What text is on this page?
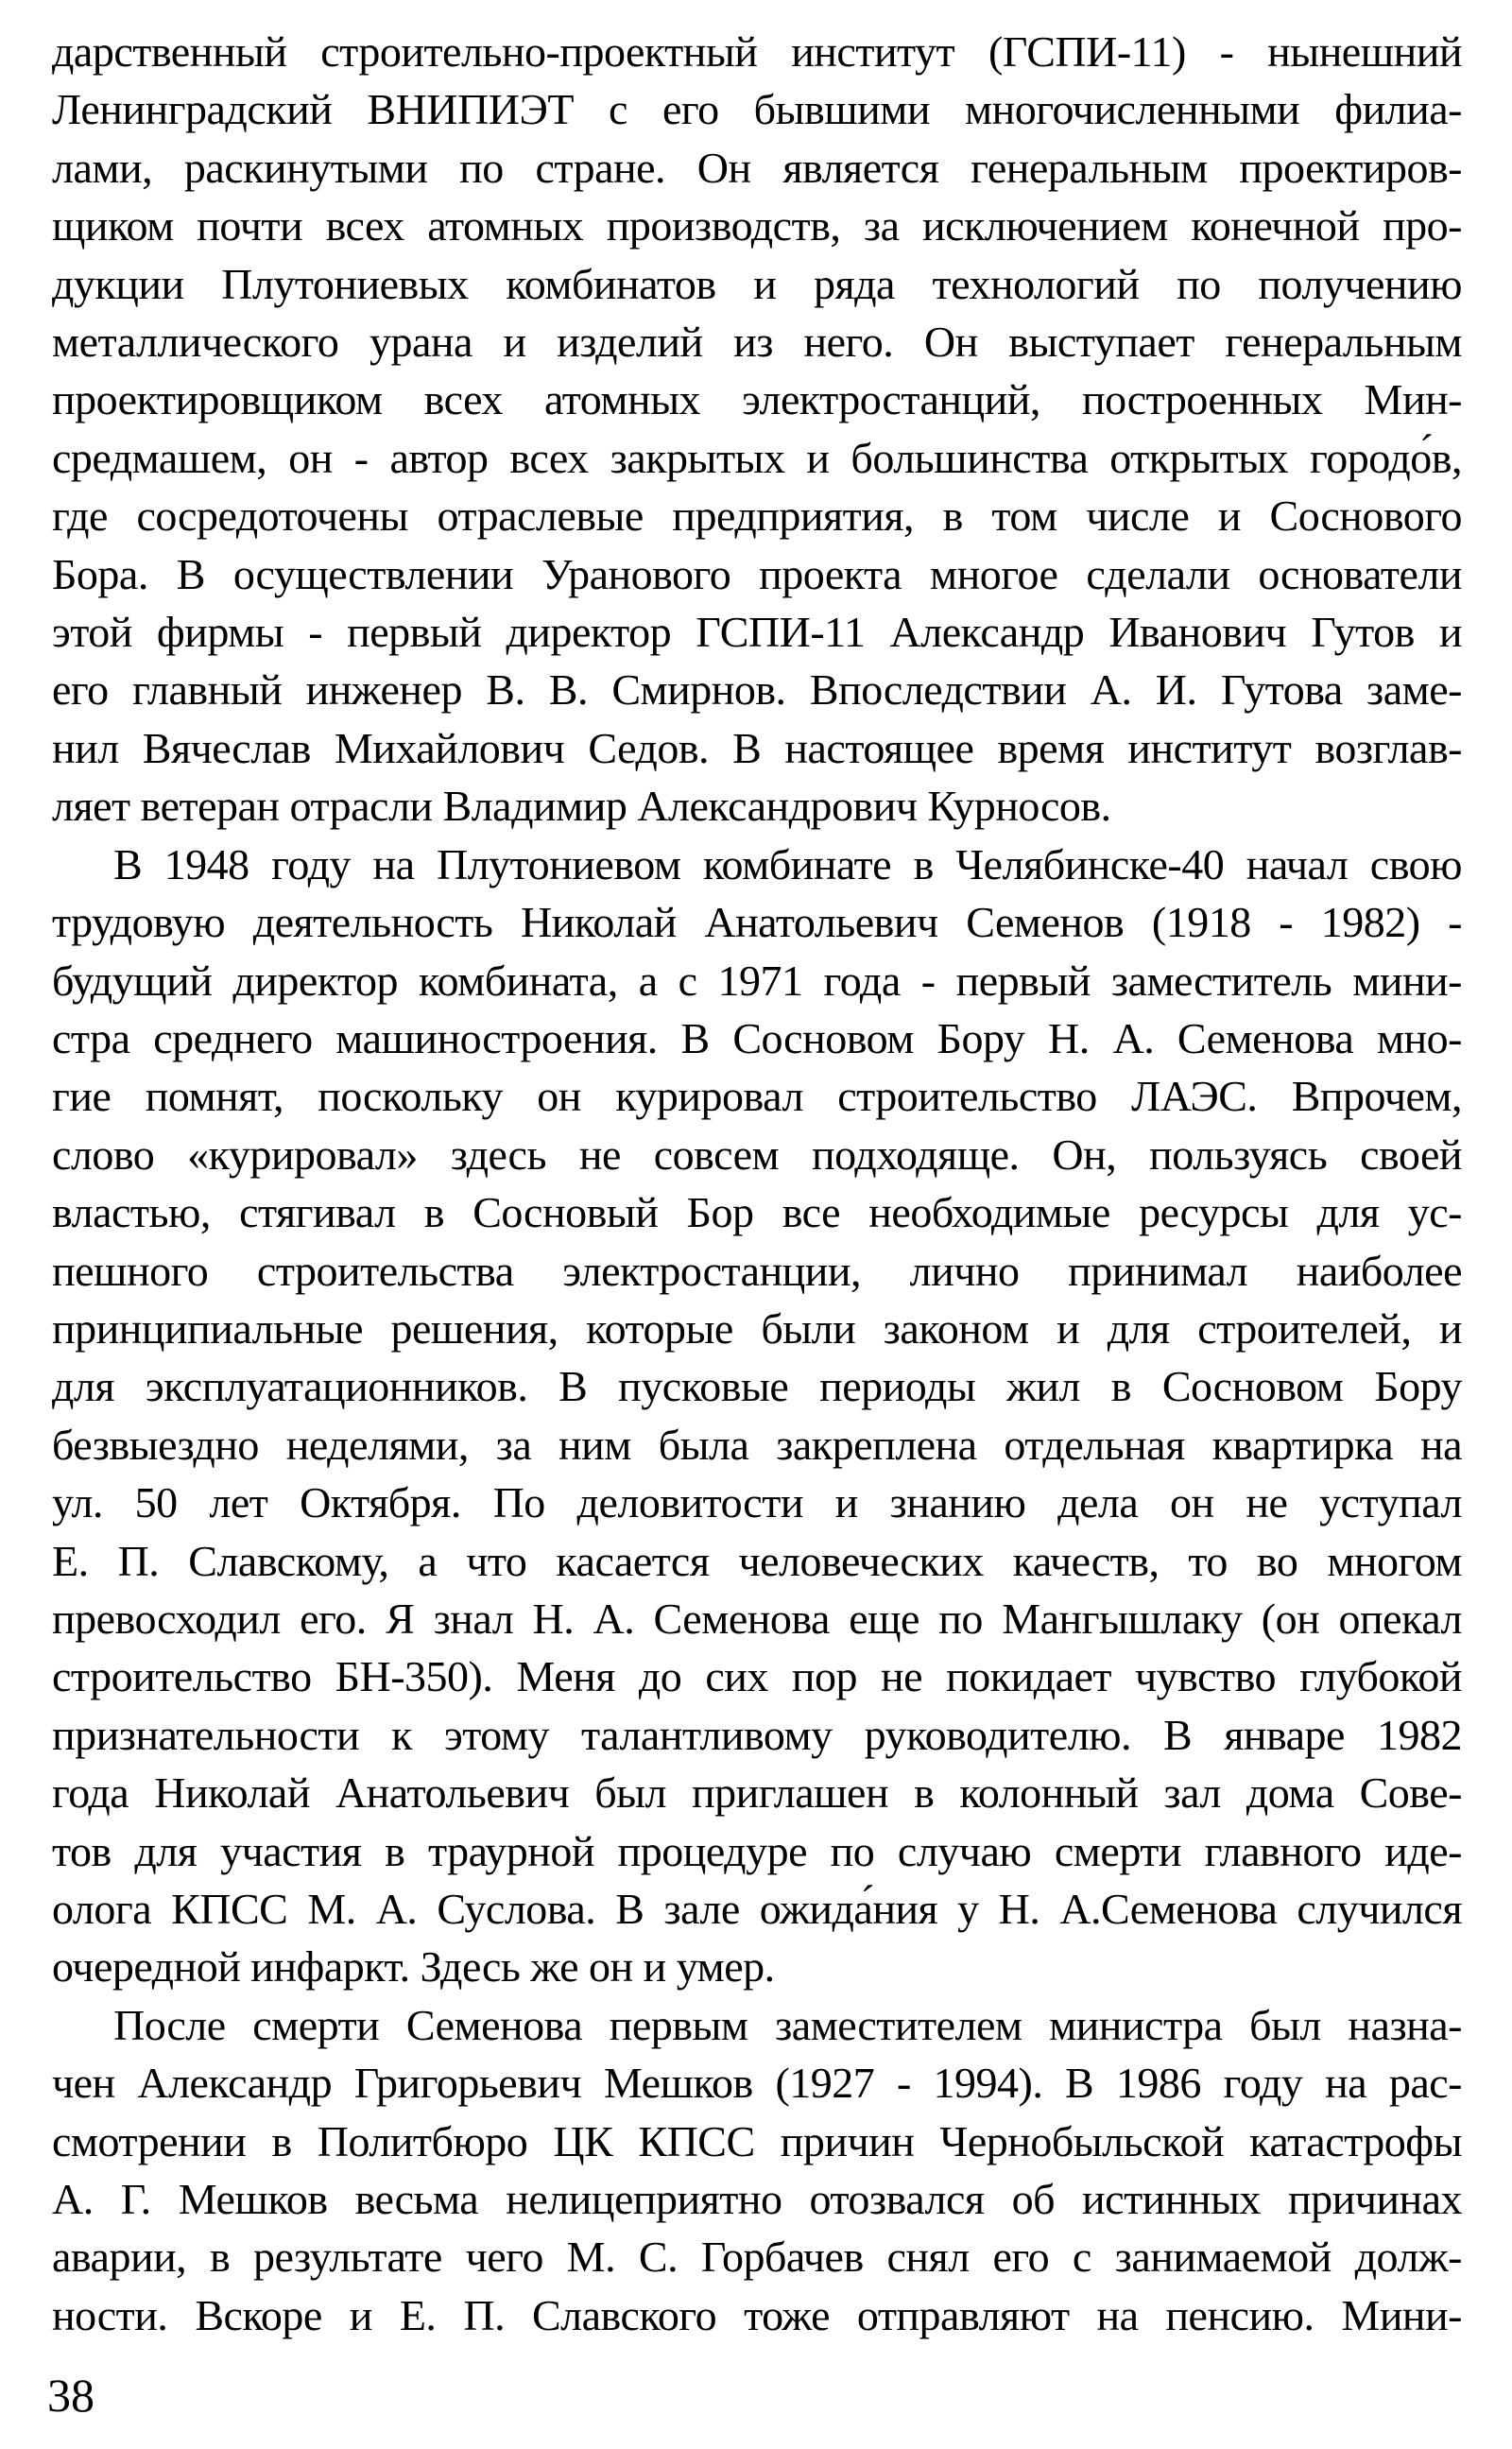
дарственный строительно-проектный институт (ГСПИ-11) - нынешний

Ленинградский ВНИПИЭТ с его бывшими многочисленными филиа-

лами, раскинутыми по стране. Он является генеральным проектиров-

щиком почти всех атомных производств, за исключением конечной про-

дукции Плутониевых комбинатов и ряда технологий по получению

металлического урана и изделий из него. Он выступает генеральным

проектировщиком всех атомных электростанций, построенных Мин-

средмашем, он - автор всех закрытых и большинства открытых городо́в,

где сосредоточены отраслевые предприятия, в том числе и Соснового

Бора. В осуществлении Уранового проекта многое сделали основатели

этой фирмы - первый директор ГСПИ-11 Александр Иванович Гутов и

его главный инженер В. В. Смирнов. Впоследствии А. И. Гутова заме-

нил Вячеслав Михайлович Седов. В настоящее время институт возглав-

ляет ветеран отрасли Владимир Александрович Курносов.

В 1948 году на Плутониевом комбинате в Челябинске-40 начал свою

трудовую деятельность Николай Анатольевич Семенов (1918 - 1982) -

будущий директор комбината, а с 1971 года - первый заместитель мини-

стра среднего машиностроения. В Сосновом Бору Н. А. Семенова мно-

гие помнят, поскольку он курировал строительство ЛАЭС. Впрочем,

слово «курировал» здесь не совсем подходяще. Он, пользуясь своей

властью, стягивал в Сосновый Бор все необходимые ресурсы для ус-

пешного строительства электростанции, лично принимал наиболее

принципиальные решения, которые были законом и для строителей, и

для эксплуатационников. В пусковые периоды жил в Сосновом Бору

безвыездно неделями, за ним была закреплена отдельная квартирка на

ул. 50 лет Октября. По деловитости и знанию дела он не уступал

Е. П. Славскому, а что касается человеческих качеств, то во многом

превосходил его. Я знал Н. А. Семенова еще по Мангышлаку (он опекал

строительство БН-350). Меня до сих пор не покидает чувство глубокой

признательности к этому талантливому руководителю. В январе 1982

года Николай Анатольевич был приглашен в колонный зал дома Сове-

тов для участия в траурной процедуре по случаю смерти главного иде-

олога КПСС М. А. Суслова. В зале ожида́ния у Н. А.Семенова случился

очередной инфаркт. Здесь же он и умер.

После смерти Семенова первым заместителем министра был назна-

чен Александр Григорьевич Мешков (1927 - 1994). В 1986 году на рас-

смотрении в Политбюро ЦК КПСС причин Чернобыльской катастрофы

А. Г. Мешков весьма нелицеприятно отозвался об истинных причинах

аварии, в результате чего М. С. Горбачев снял его с занимаемой долж-

ности. Вскоре и Е. П. Славского тоже отправляют на пенсию. Мини-

38
